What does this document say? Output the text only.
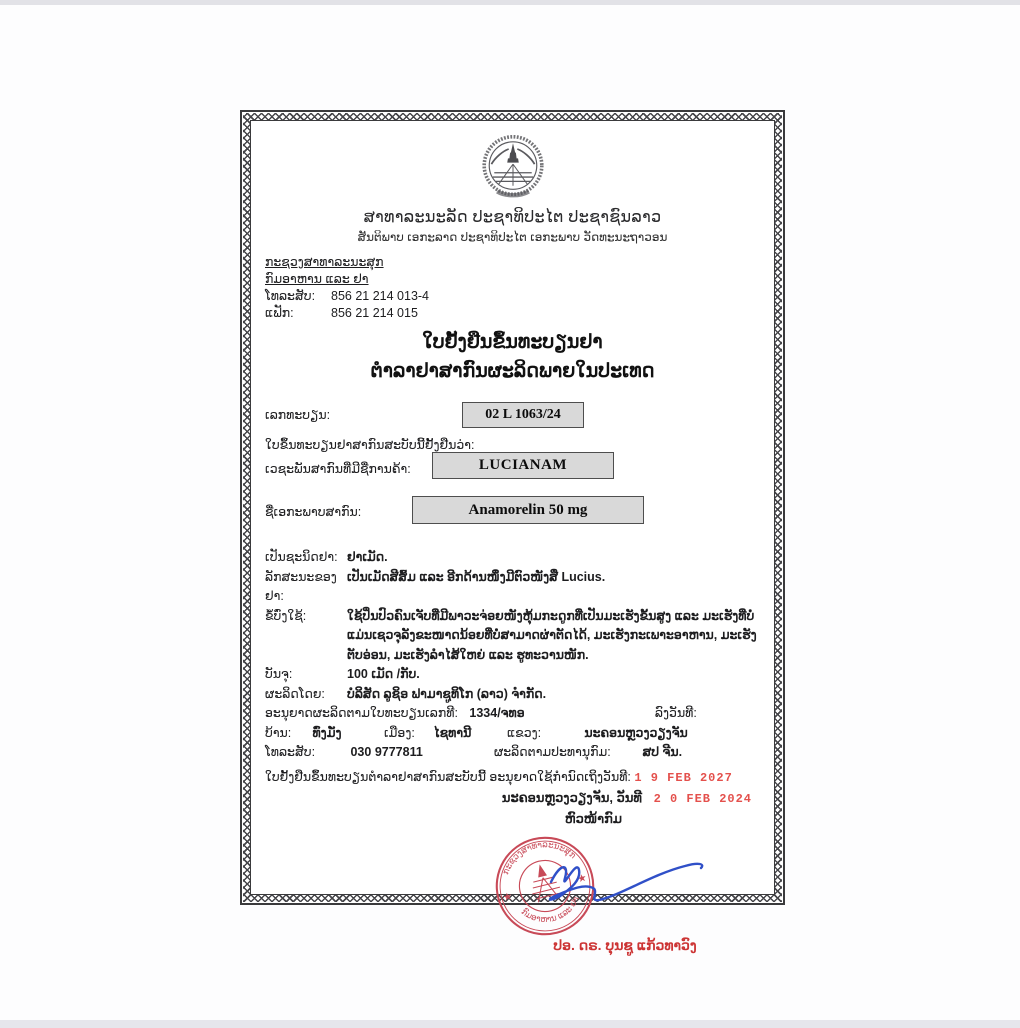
ສາທາລະນະລັດ ປະຊາທິປະໄຕ ປະຊາຊົນລາວ
ສັນຕິພາບ ເອກະລາດ ປະຊາທິປະໄຕ ເອກະພາບ ວັດທະນະຖາວອນ
ກະຊວງສາທາລະນະສຸກ
ກົມອາຫານ ແລະ ຢາ
ໂທລະສັບ:	856 21 214 013-4
ແຟັກ:	856 21 214 015
ໃບຢັ້ງຢືນຂຶ້ນທະບຽນຢາ
ຕຳລາຢາສາກົນຜະລິດພາຍໃນປະເທດ
ເລກທະບຽນ:	02 L 1063/24
ໃບຂຶ້ນທະບຽນຢາສາກົນສະບັບນີ້ຢັ້ງຢືນວ່າ:
ເວຊະພັນສາກົນທີ່ມີຊື່ການຄ້າ:	LUCIANAM
ຊື່ເອກະພາບສາກົນ:	Anamorelin 50 mg
ເປັນຊະນິດຢາ: ຢາເມັດ.
ລັກສະນະຂອງຢາ:
ເປັນເມັດສີສົ້ມ ແລະ ອີກດ້ານໜຶ່ງມີຕົວໜັງສື Lucius.
ຂໍ້ບົ່ງໃຊ້:	ໃຊ້ປິ່ນປົວຄົນເຈັບທີ່ມີພາວະຈ່ອຍໜັງຫຸ້ມກະດູກທີ່ເປັນມະເຮັງຂັ້ນສູງ ແລະ ມະເຮັງທີ່ບໍ່ແມ່ນເຊວຈຸລັງຂະໜາດນ້ອຍທີ່ບໍ່ສາມາດຜ່າຕັດໄດ້, ມະເຮັງກະເພາະອາຫານ, ມະເຮັງຕັບອ່ອນ, ມະເຮັງລຳໄສ້ໃຫຍ່ ແລະ ຮູທະວານໜັກ.
ບັນຈຸ:	100 ເມັດ /ກັບ.
ຜະລິດໂດຍ:	ບໍລິສັດ ລູຊິອ ຟາມາຊູທິໂກ (ລາວ) ຈຳກັດ.
ອະນຸຍາດຜະລິດຕາມໃບທະບຽນເລກທີ: 1334/ຈທອ	ລົງວັນທີ:
ບ້ານ: ທົ່ງມັ່ງ	ເມືອງ: ໄຊທານີ	ແຂວງ:	ນະຄອນຫຼວງວຽງຈັນ
ໂທລະສັບ:	030 9777811	ຜະລິດຕາມປະທານຸກົມ:	ສປ ຈີນ.
ໃບຢັ້ງຢືນຂຶ້ນທະບຽນຕຳລາຢາສາກົນສະບັບນີ້ ອະນຸຍາດໃຊ້ກຳນົດເຖິງວັນທີ: 1 9 FEB 2027
ນະຄອນຫຼວງວຽງຈັນ, ວັນທີ 2 0 FEB 2024
ຫົວໜ້າກົມ
ກະຊວງສາທາລະນະສຸກ
ກົມອາຫານ ແລະ ຢາ
★
★
ປອ. ດຣ. ບຸນຊູ ແກ້ວທາວົງ
